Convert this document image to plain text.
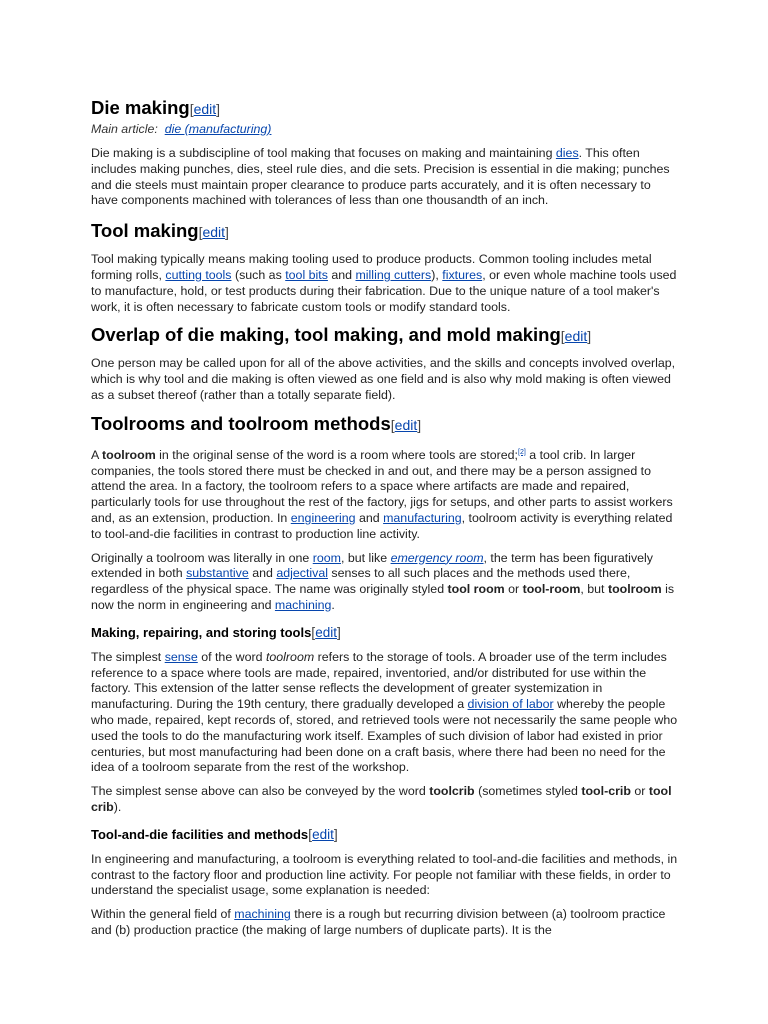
Die making[edit]

Main article: die (manufacturing)

Die making is a subdiscipline of tool making that focuses on making and maintaining dies. This often includes making punches, dies, steel rule dies, and die sets. Precision is essential in die making; punches and die steels must maintain proper clearance to produce parts accurately, and it is often necessary to have components machined with tolerances of less than one thousandth of an inch.

Tool making[edit]

Tool making typically means making tooling used to produce products. Common tooling includes metal forming rolls, cutting tools (such as tool bits and milling cutters), fixtures, or even whole machine tools used to manufacture, hold, or test products during their fabrication. Due to the unique nature of a tool maker's work, it is often necessary to fabricate custom tools or modify standard tools.

Overlap of die making, tool making, and mold making[edit]

One person may be called upon for all of the above activities, and the skills and concepts involved overlap, which is why tool and die making is often viewed as one field and is also why mold making is often viewed as a subset thereof (rather than a totally separate field).

Toolrooms and toolroom methods[edit]

A toolroom in the original sense of the word is a room where tools are stored;[2] a tool crib. In larger companies, the tools stored there must be checked in and out, and there may be a person assigned to attend the area. In a factory, the toolroom refers to a space where artifacts are made and repaired, particularly tools for use throughout the rest of the factory, jigs for setups, and other parts to assist workers and, as an extension, production. In engineering and manufacturing, toolroom activity is everything related to tool-and-die facilities in contrast to production line activity.

Originally a toolroom was literally in one room, but like emergency room, the term has been figuratively extended in both substantive and adjectival senses to all such places and the methods used there, regardless of the physical space. The name was originally styled tool room or tool-room, but toolroom is now the norm in engineering and machining.

Making, repairing, and storing tools[edit]

The simplest sense of the word toolroom refers to the storage of tools. A broader use of the term includes reference to a space where tools are made, repaired, inventoried, and/or distributed for use within the factory. This extension of the latter sense reflects the development of greater systemization in manufacturing. During the 19th century, there gradually developed a division of labor whereby the people who made, repaired, kept records of, stored, and retrieved tools were not necessarily the same people who used the tools to do the manufacturing work itself. Examples of such division of labor had existed in prior centuries, but most manufacturing had been done on a craft basis, where there had been no need for the idea of a toolroom separate from the rest of the workshop.

The simplest sense above can also be conveyed by the word toolcrib (sometimes styled tool-crib or tool crib).

Tool-and-die facilities and methods[edit]

In engineering and manufacturing, a toolroom is everything related to tool-and-die facilities and methods, in contrast to the factory floor and production line activity. For people not familiar with these fields, in order to understand the specialist usage, some explanation is needed:

Within the general field of machining there is a rough but recurring division between (a) toolroom practice and (b) production practice (the making of large numbers of duplicate parts). It is the
